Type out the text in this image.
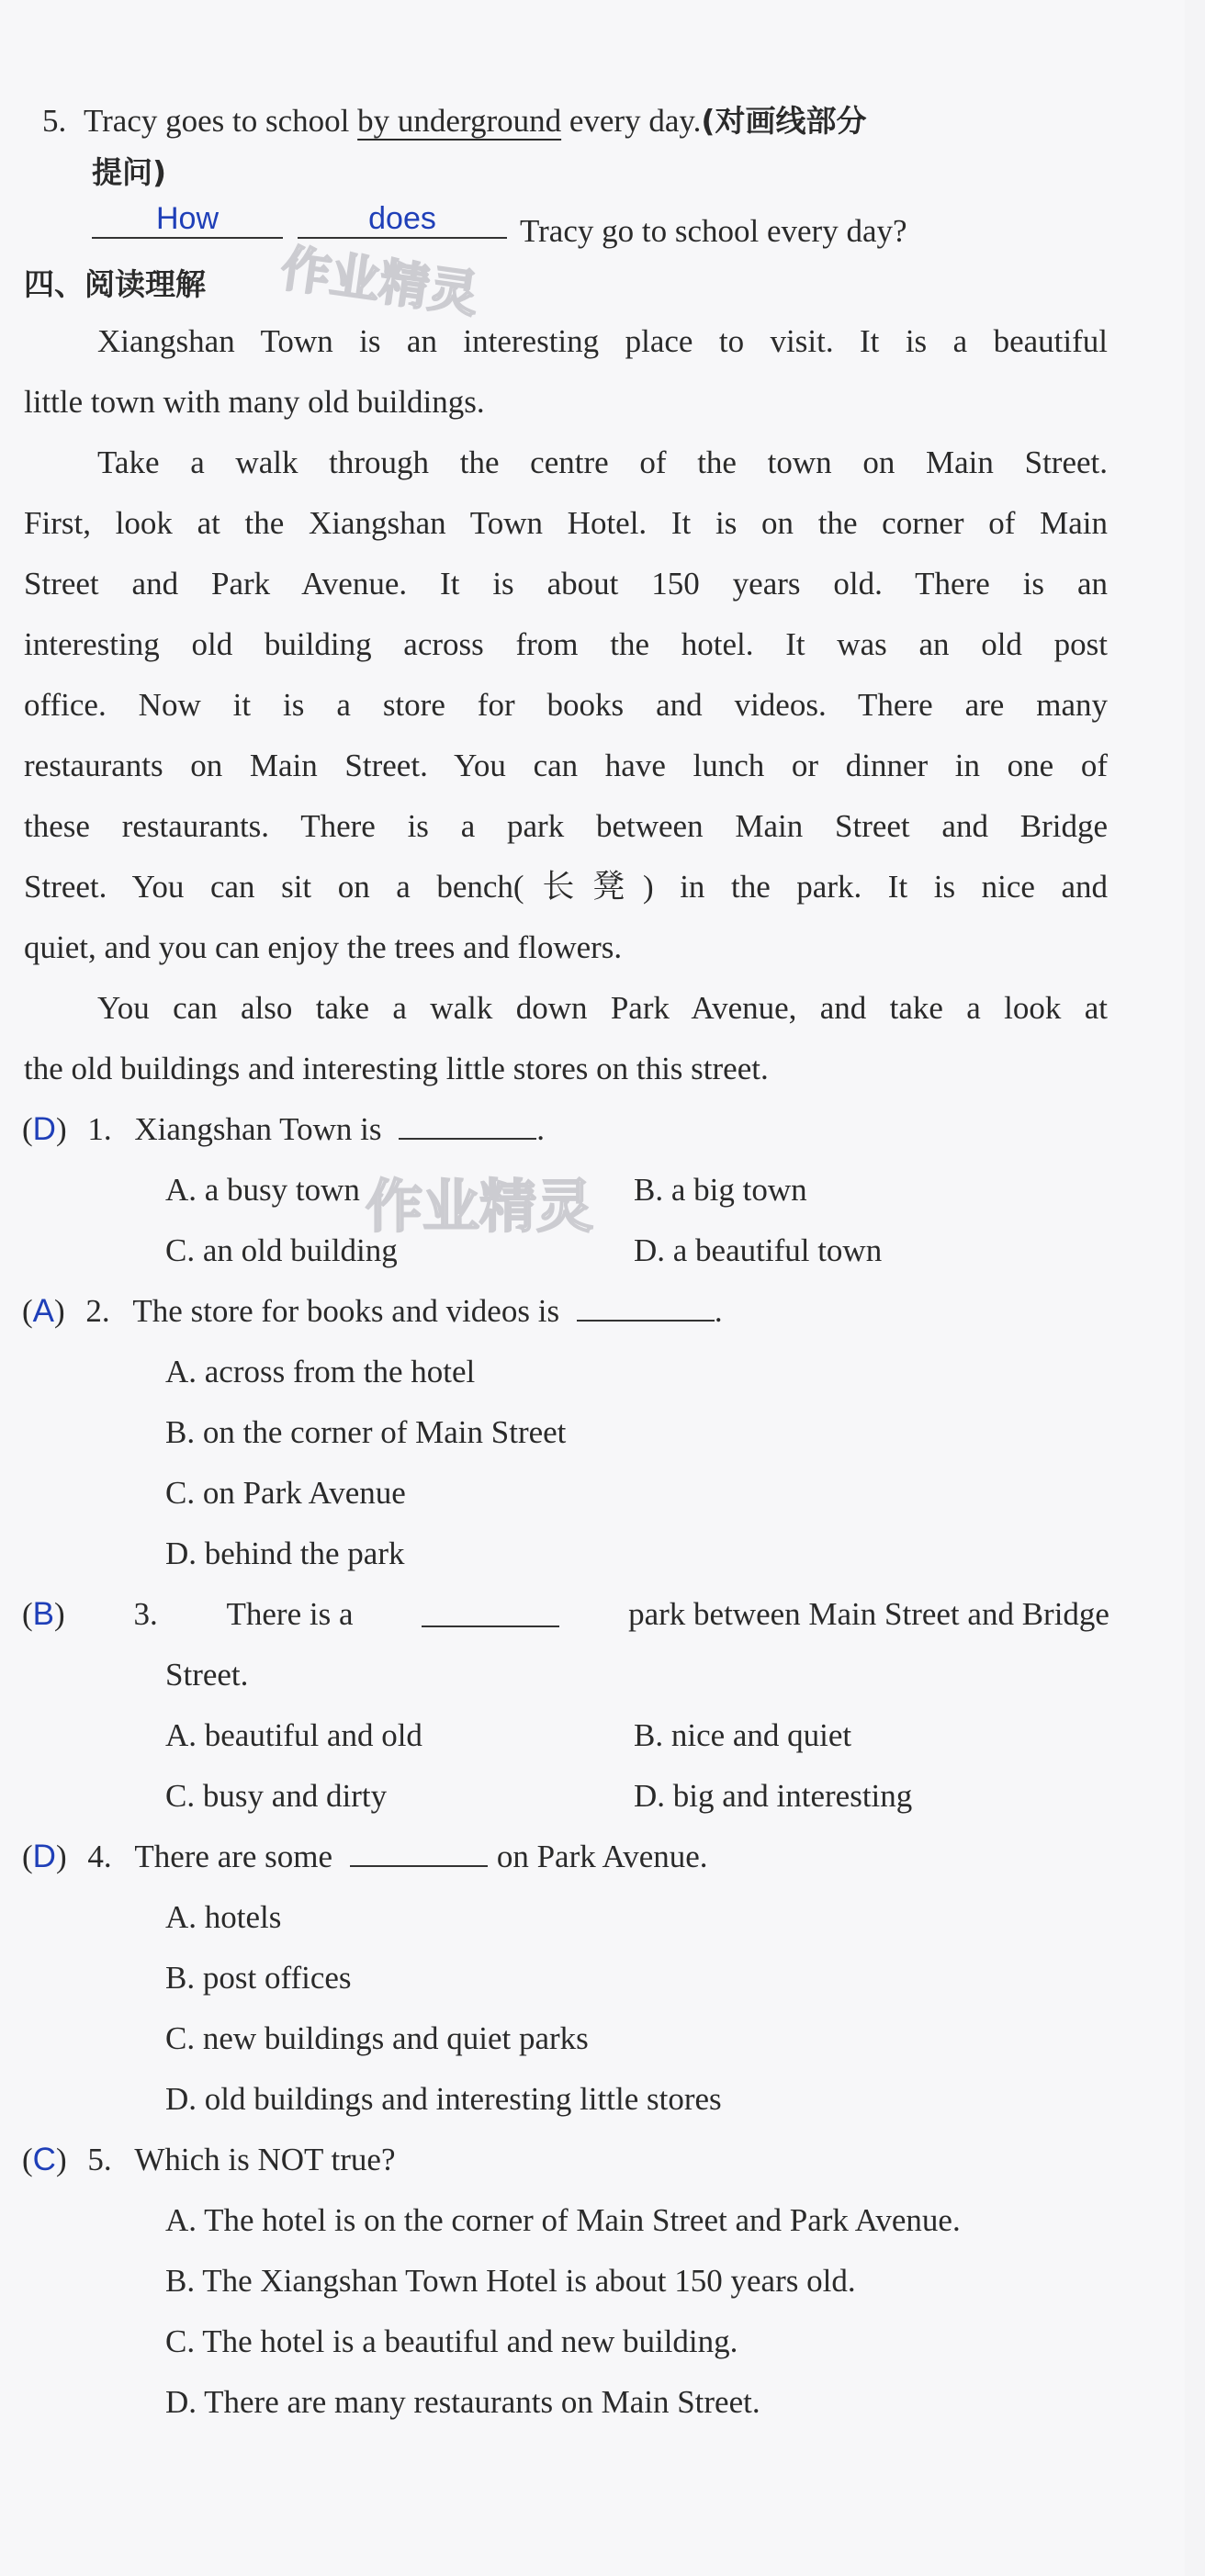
5. Tracy goes to school by underground every day.(对画线部分
提问)
How	does	Tracy go to school every day?
四、阅读理解 作业精灵
Xiangshan Town is an interesting place to visit. It is a beautiful
little town with many old buildings.
Take a walk through the centre of the town on Main Street.
First, look at the Xiangshan Town Hotel. It is on the corner of Main
Street and Park Avenue. It is about 150 years old. There is an
interesting old building across from the hotel. It was an old post
office. Now it is a store for books and videos. There are many
restaurants on Main Street. You can have lunch or dinner in one of
these restaurants. There is a park between Main Street and Bridge
Street. You can sit on a bench(长凳) in the park. It is nice and
quiet, and you can enjoy the trees and flowers.
You can also take a walk down Park Avenue, and take a look at
the old buildings and interesting little stores on this street.
(D) 1. Xiangshan Town is	.
A. a busy town	B. a big town
C. an old building	D. a beautiful town
作业精灵
(A) 2. The store for books and videos is	.
A. across from the hotel
B. on the corner of Main Street
C. on Park Avenue
D. behind the park
(B) 3. There is a	park between Main Street and Bridge
Street.
A. beautiful and old	B. nice and quiet
C. busy and dirty	D. big and interesting
(D) 4. There are some	on Park Avenue.
A. hotels
B. post offices
C. new buildings and quiet parks
D. old buildings and interesting little stores
(C) 5. Which is NOT true?
A. The hotel is on the corner of Main Street and Park Avenue.
B. The Xiangshan Town Hotel is about 150 years old.
C. The hotel is a beautiful and new building.
D. There are many restaurants on Main Street.
